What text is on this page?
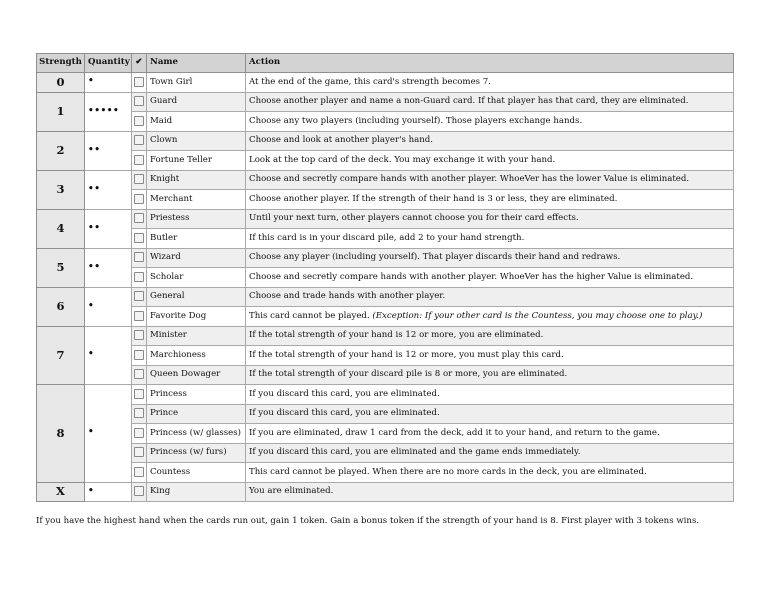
Strength	Quantity	✔	Name	Action
0	•		Town Girl	At the end of the game, this card's strength becomes 7.
1	•••••		Guard	Choose another player and name a non-Guard card. If that player has that card, they are eliminated.
			Maid	Choose any two players (including yourself). Those players exchange hands.
2	••		Clown	Choose and look at another player's hand.
			Fortune Teller	Look at the top card of the deck. You may exchange it with your hand.
3	••		Knight	Choose and secretly compare hands with another player. WhoeVer has the lower Value is eliminated.
			Merchant	Choose another player. If the strength of their hand is 3 or less, they are eliminated.
4	••		Priestess	Until your next turn, other players cannot choose you for their card effects.
			Butler	If this card is in your discard pile, add 2 to your hand strength.
5	••		Wizard	Choose any player (including yourself). That player discards their hand and redraws.
			Scholar	Choose and secretly compare hands with another player. WhoeVer has the higher Value is eliminated.
6	•		General	Choose and trade hands with another player.
			Favorite Dog	This card cannot be played. (Exception: If your other card is the Countess, you may choose one to play.)
7	•		Minister	If the total strength of your hand is 12 or more, you are eliminated.
			Marchioness	If the total strength of your hand is 12 or more, you must play this card.
			Queen Dowager	If the total strength of your discard pile is 8 or more, you are eliminated.
8	•		Princess	If you discard this card, you are eliminated.
			Prince	If you discard this card, you are eliminated.
			Princess (w/ glasses)	If you are eliminated, draw 1 card from the deck, add it to your hand, and return to the game.
			Princess (w/ furs)	If you discard this card, you are eliminated and the game ends immediately.
			Countess	This card cannot be played. When there are no more cards in the deck, you are eliminated.
X	•		King	You are eliminated.
If you have the highest hand when the cards run out, gain 1 token. Gain a bonus token if the strength of your hand is 8. First player with 3 tokens wins.
